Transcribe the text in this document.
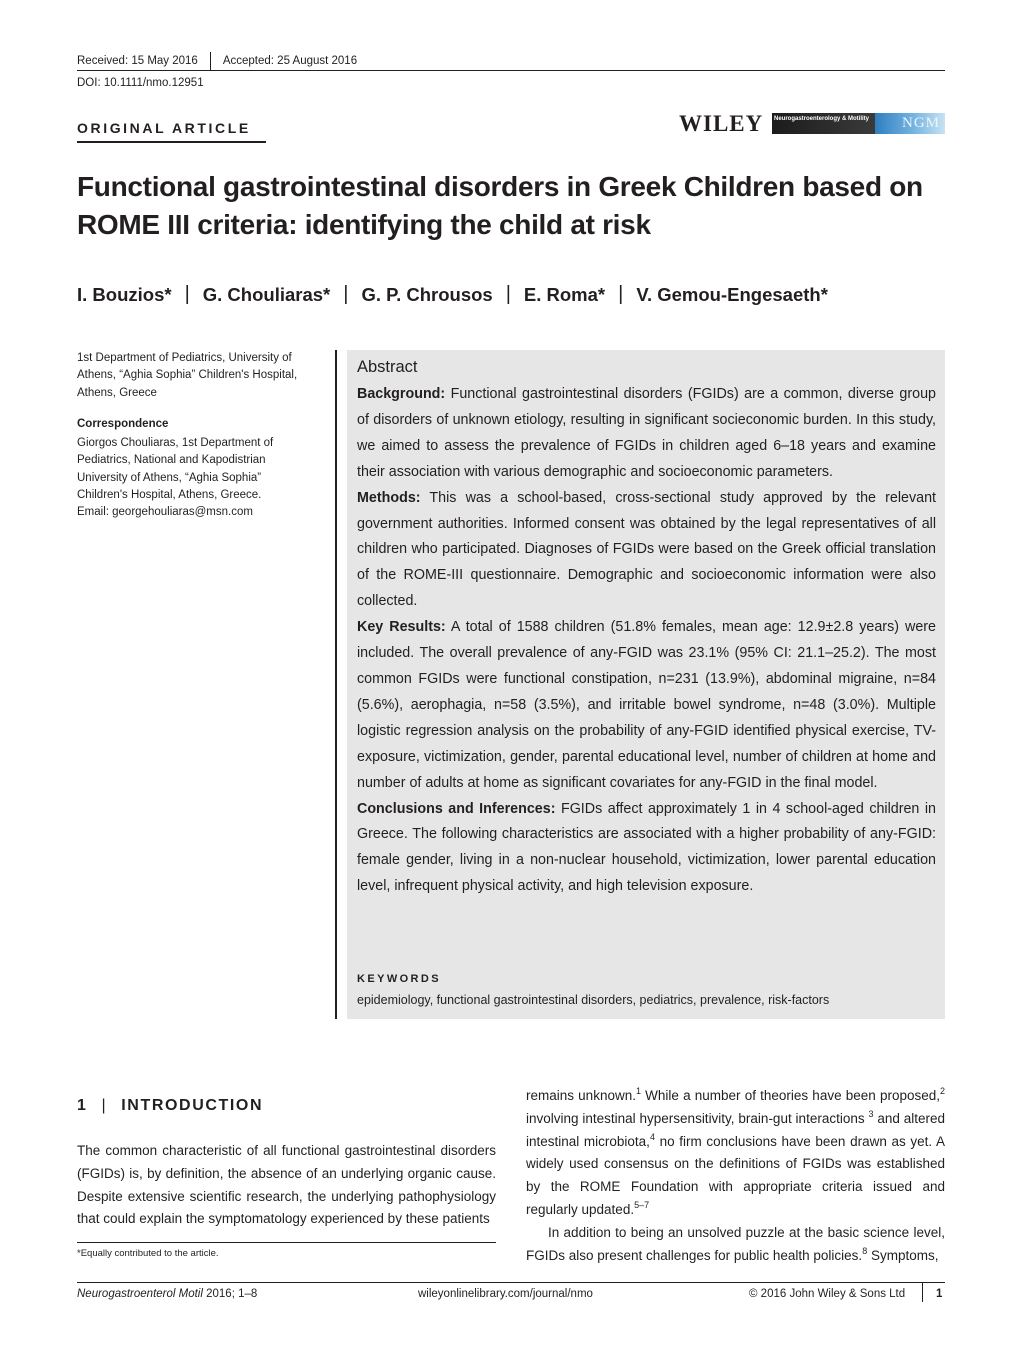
Received: 15 May 2016 Accepted: 25 August 2016
DOI: 10.1111/nmo.12951
ORIGINAL ARTICLE	WILEY	Neurogastroenterology & Motility	NGM
Functional gastrointestinal disorders in Greek Children based on ROME III criteria: identifying the child at risk
I. Bouzios* | G. Chouliaras* | G. P. Chrousos | E. Roma* | V. Gemou-Engesaeth*
1st Department of Pediatrics, University of Athens, “Aghia Sophia” Children's Hospital, Athens, Greece
Correspondence
Giorgos Chouliaras, 1st Department of Pediatrics, National and Kapodistrian University of Athens, “Aghia Sophia” Children's Hospital, Athens, Greece.
Email: georgehouliaras@msn.com
Abstract

Background: Functional gastrointestinal disorders (FGIDs) are a common, diverse group of disorders of unknown etiology, resulting in significant socieconomic burden. In this study, we aimed to assess the prevalence of FGIDs in children aged 6–18 years and examine their association with various demographic and socioeconomic parameters.

Methods: This was a school-based, cross-sectional study approved by the relevant government authorities. Informed consent was obtained by the legal representatives of all children who participated. Diagnoses of FGIDs were based on the Greek official translation of the ROME-III questionnaire. Demographic and socioeconomic information were also collected.

Key Results: A total of 1588 children (51.8% females, mean age: 12.9±2.8 years) were included. The overall prevalence of any-FGID was 23.1% (95% CI: 21.1–25.2). The most common FGIDs were functional constipation, n=231 (13.9%), abdominal migraine, n=84 (5.6%), aerophagia, n=58 (3.5%), and irritable bowel syndrome, n=48 (3.0%). Multiple logistic regression analysis on the probability of any-FGID identified physical exercise, TV-exposure, victimization, gender, parental educational level, number of children at home and number of adults at home as significant covariates for any-FGID in the final model.

Conclusions and Inferences: FGIDs affect approximately 1 in 4 school-aged children in Greece. The following characteristics are associated with a higher probability of any-FGID: female gender, living in a non-nuclear household, victimization, lower parental education level, infrequent physical activity, and high television exposure.

KEYWORDS
epidemiology, functional gastrointestinal disorders, pediatrics, prevalence, risk-factors
1 | INTRODUCTION
The common characteristic of all functional gastrointestinal disorders (FGIDs) is, by definition, the absence of an underlying organic cause. Despite extensive scientific research, the underlying pathophysiology that could explain the symptomatology experienced by these patients
*Equally contributed to the article.

remains unknown.$^1$ While a number of theories have been proposed,$^2$ involving intestinal hypersensitivity, brain-gut interactions $^3$ and altered intestinal microbiota,$^4$ no firm conclusions have been drawn as yet. A widely used consensus on the definitions of FGIDs was established by the ROME Foundation with appropriate criteria issued and regularly updated.$^{5-7}$

In addition to being an unsolved puzzle at the basic science level, FGIDs also present challenges for public health policies.$^8$ Symptoms,

Neurogastroenterol Motil 2016; 1–8	wileyonlinelibrary.com/journal/nmo	© 2016 John Wiley & Sons Ltd	1
